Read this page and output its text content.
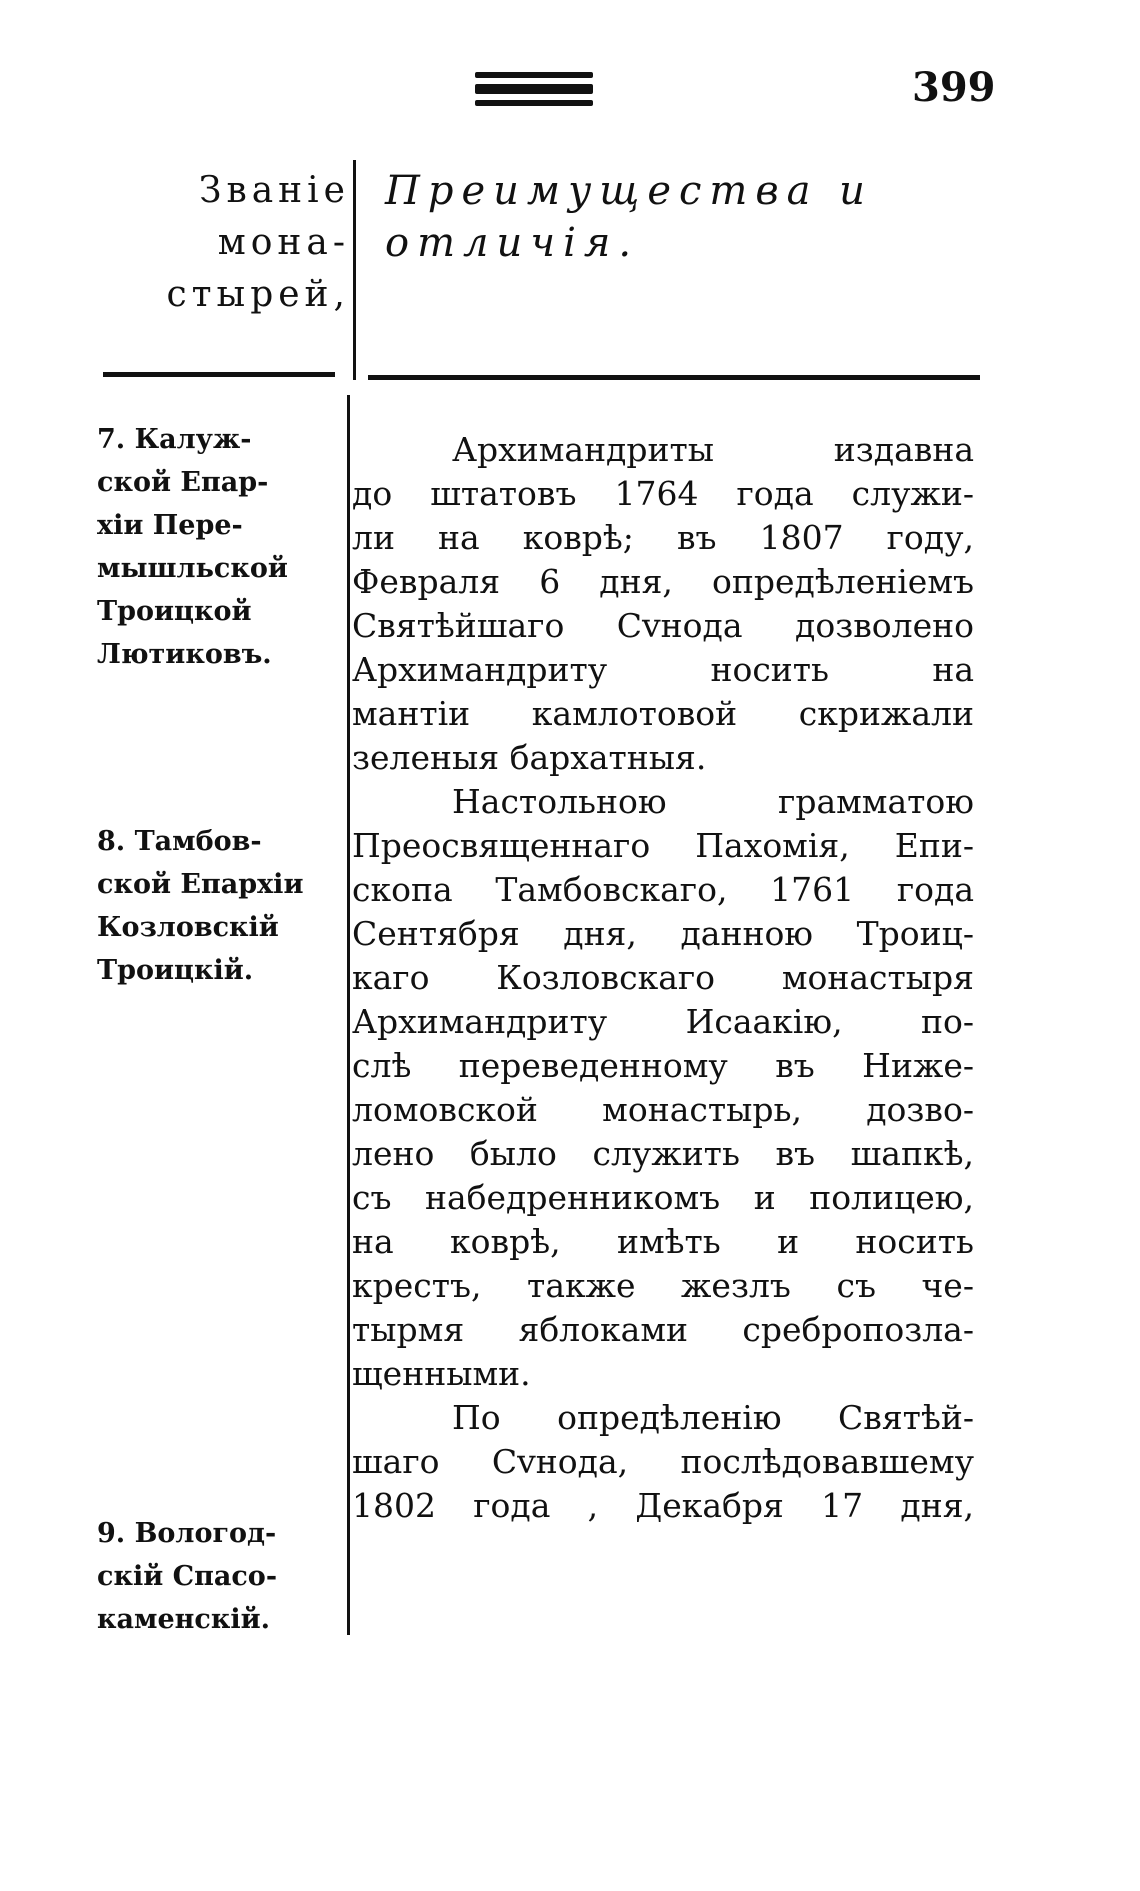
399
Званіе
мона-
стырей,
Преимущества и
отличія.
7. Калуж-
ской Епар-
хіи Пере-
мышльской
Троицкой
Лютиковъ.
8. Тамбов-
ской Епархіи
Козловскій
Троицкій.
9. Вологод-
скій Спасо-
каменскій.
Архимандриты издавна
до штатовъ 1764 года служи-
ли на коврѣ; въ 1807 году,
Февраля 6 дня, опредѣленіемъ
Святѣйшаго Сvнода дозволено
Архимандриту носить на
мантіи камлотовой скрижали
зеленыя бархатныя.
Настольною грамматою
Преосвященнаго Пахомія, Епи-
скопа Тамбовскаго, 1761 года
Сентября дня, данною Троиц-
каго Козловскаго монастыря
Архимандриту Исаакію, по-
слѣ переведенному въ Ниже-
ломовской монастырь, дозво-
лено было служить въ шапкѣ,
съ набедренникомъ и полицею,
на коврѣ, имѣть и носить
крестъ, также жезлъ съ че-
тырмя яблоками сребропозла-
щенными.
По опредѣленію Святѣй-
шаго Сvнода, послѣдовавшему
1802 года , Декабря 17 дня,
